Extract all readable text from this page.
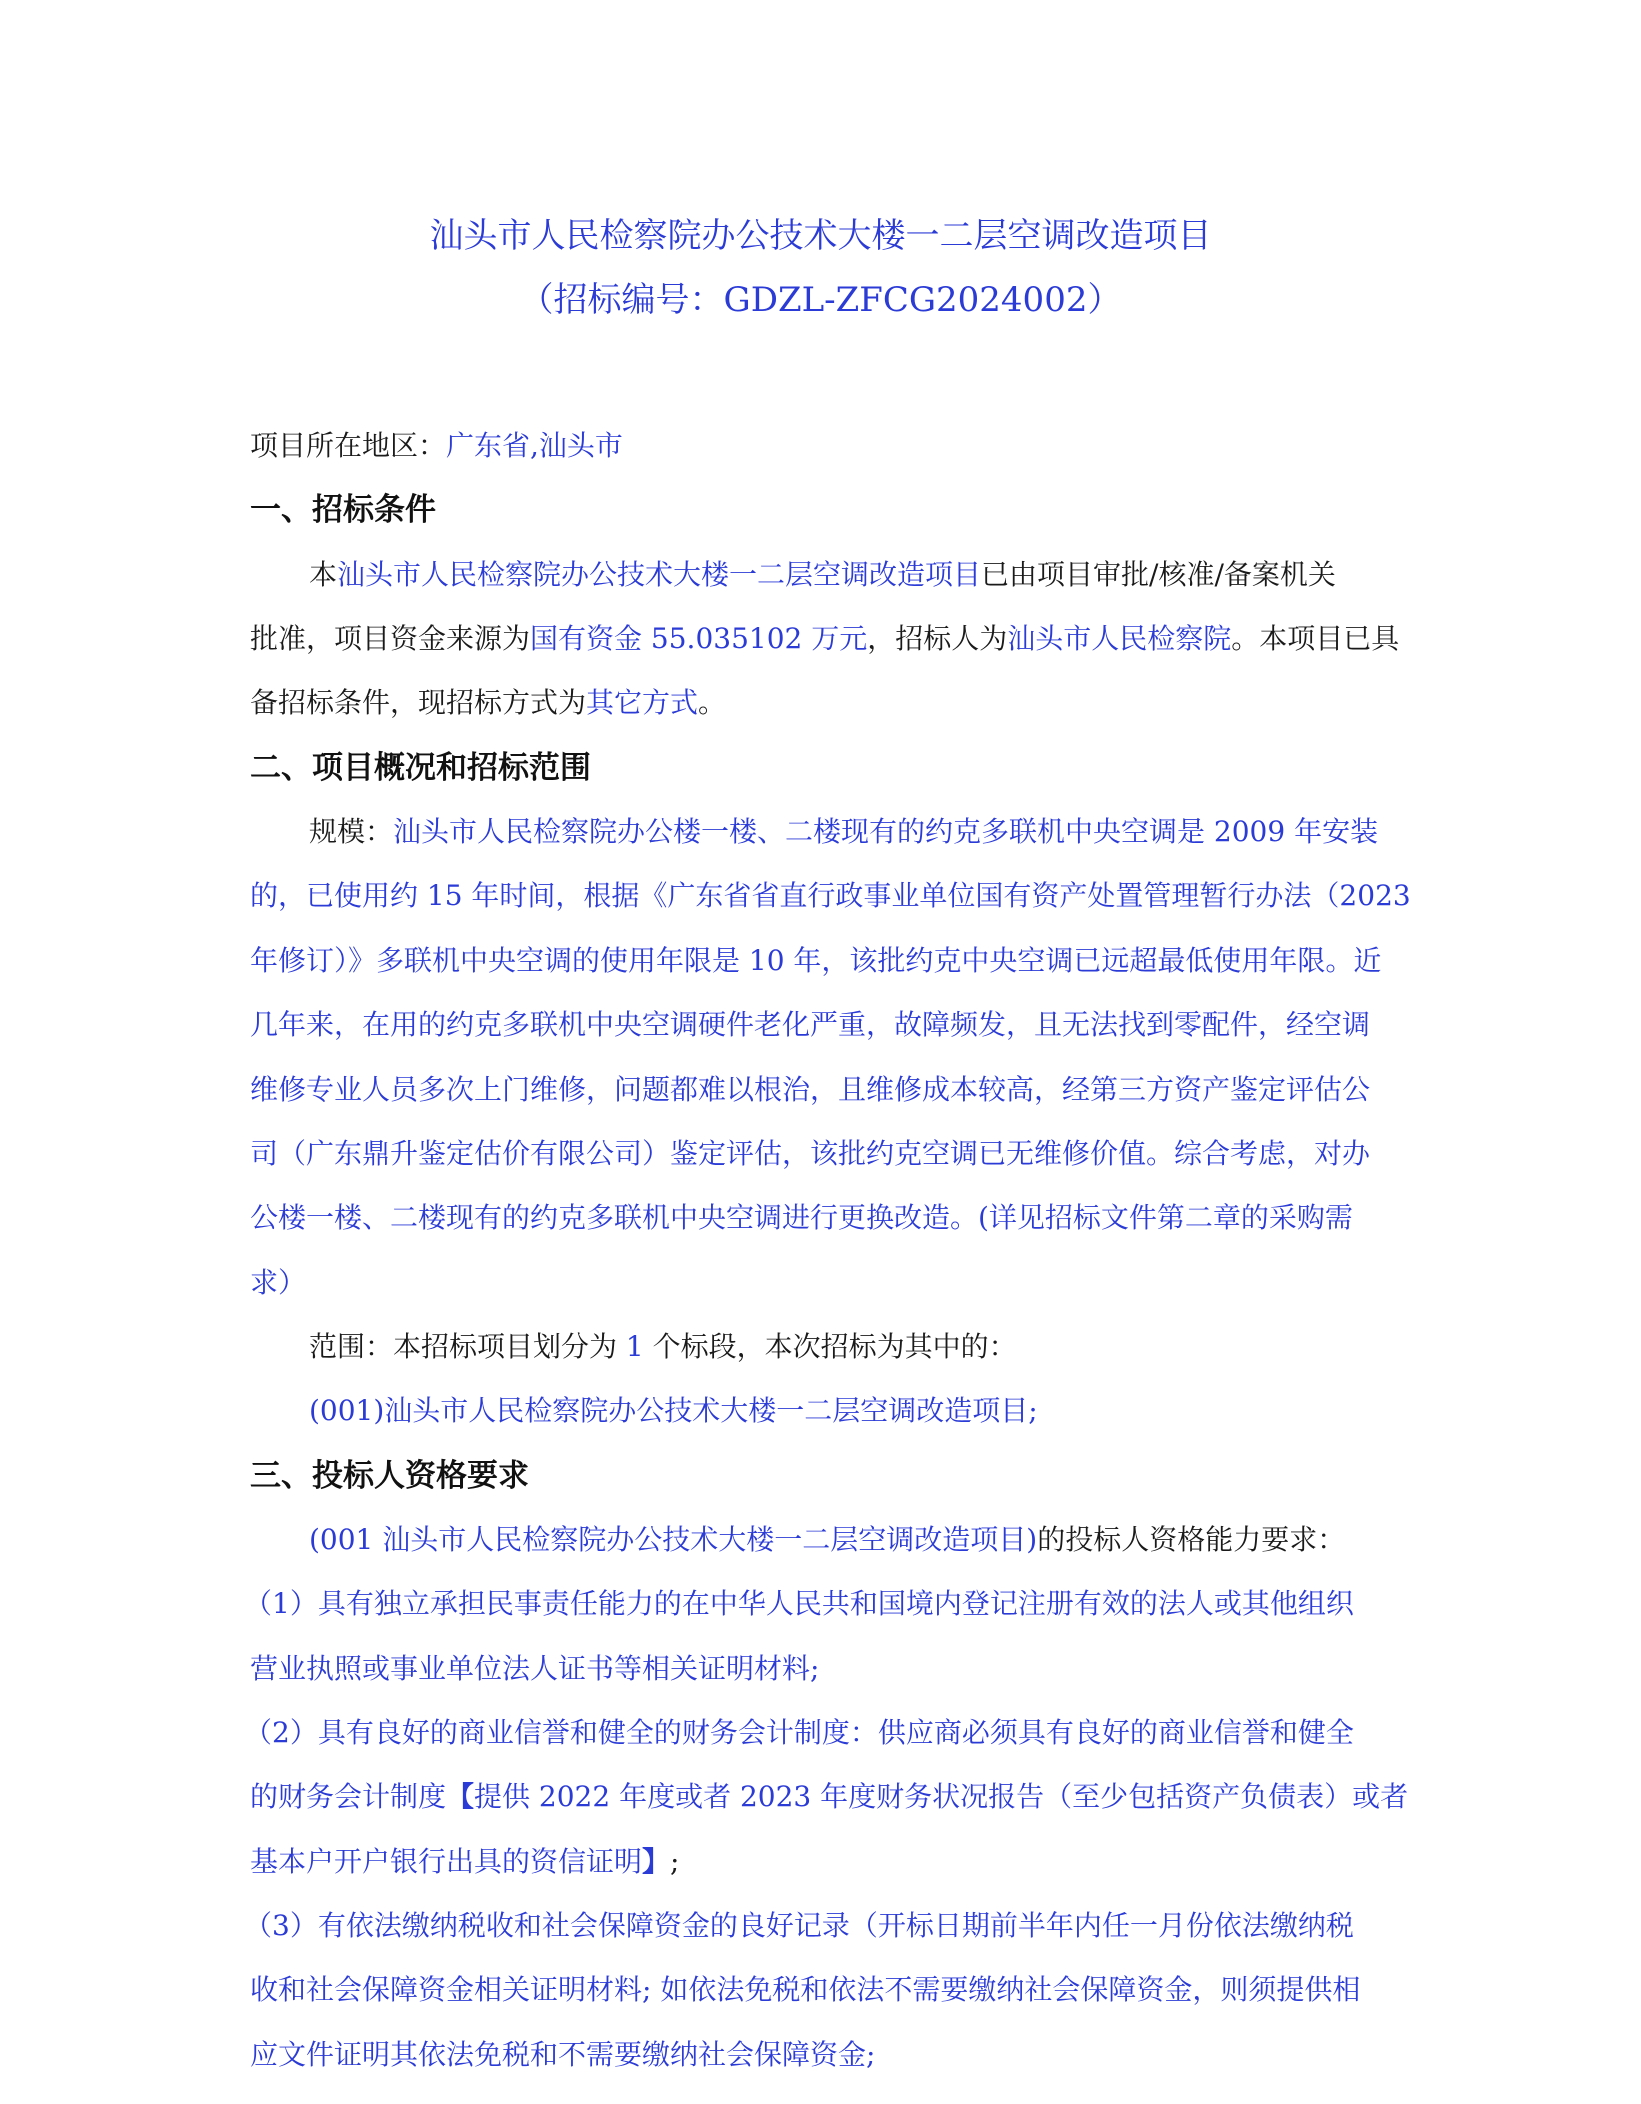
汕头市人民检察院办公技术大楼一二层空调改造项目
（招标编号：GDZL-ZFCG2024002）
项目所在地区：广东省,汕头市
一、招标条件
本汕头市人民检察院办公技术大楼一二层空调改造项目已由项目审批/核准/备案机关
批准，项目资金来源为国有资金 55.035102 万元，招标人为汕头市人民检察院。本项目已具
备招标条件，现招标方式为其它方式。
二、项目概况和招标范围
规模：汕头市人民检察院办公楼一楼、二楼现有的约克多联机中央空调是 2009 年安装
的，已使用约 15 年时间，根据《广东省省直行政事业单位国有资产处置管理暂行办法（2023
年修订）》多联机中央空调的使用年限是 10 年，该批约克中央空调已远超最低使用年限。近
几年来，在用的约克多联机中央空调硬件老化严重，故障频发，且无法找到零配件，经空调
维修专业人员多次上门维修，问题都难以根治，且维修成本较高，经第三方资产鉴定评估公
司（广东鼎升鉴定估价有限公司）鉴定评估，该批约克空调已无维修价值。综合考虑，对办
公楼一楼、二楼现有的约克多联机中央空调进行更换改造。(详见招标文件第二章的采购需
求）
范围：本招标项目划分为 1 个标段，本次招标为其中的：
(001)汕头市人民检察院办公技术大楼一二层空调改造项目;
三、投标人资格要求
(001 汕头市人民检察院办公技术大楼一二层空调改造项目)的投标人资格能力要求：
（1）具有独立承担民事责任能力的在中华人民共和国境内登记注册有效的法人或其他组织
营业执照或事业单位法人证书等相关证明材料;
（2）具有良好的商业信誉和健全的财务会计制度：供应商必须具有良好的商业信誉和健全
的财务会计制度【提供 2022 年度或者 2023 年度财务状况报告（至少包括资产负债表）或者
基本户开户银行出具的资信证明】;
（3）有依法缴纳税收和社会保障资金的良好记录（开标日期前半年内任一月份依法缴纳税
收和社会保障资金相关证明材料; 如依法免税和依法不需要缴纳社会保障资金，则须提供相
应文件证明其依法免税和不需要缴纳社会保障资金;
